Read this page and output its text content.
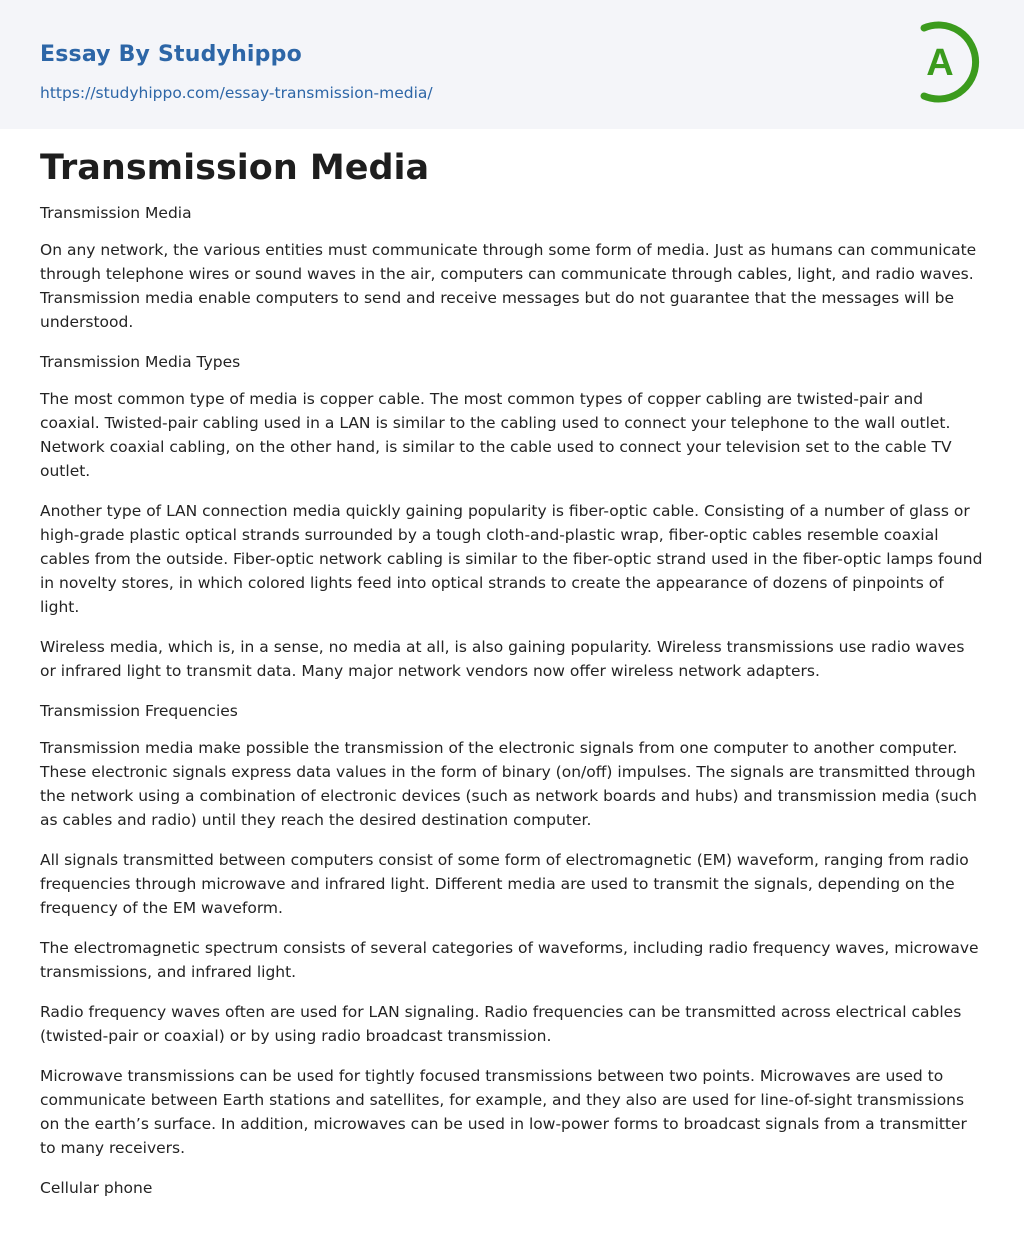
Essay By Studyhippo
https://studyhippo.com/essay-transmission-media/
A
Transmission Media

Transmission Media

On any network, the various entities must communicate through some form of media. Just as humans can communicate through telephone wires or sound waves in the air, computers can communicate through cables, light, and radio waves. Transmission media enable computers to send and receive messages but do not guarantee that the messages will be understood.

Transmission Media Types

The most common type of media is copper cable. The most common types of copper cabling are twisted-pair and coaxial. Twisted-pair cabling used in a LAN is similar to the cabling used to connect your telephone to the wall outlet. Network coaxial cabling, on the other hand, is similar to the cable used to connect your television set to the cable TV outlet.

Another type of LAN connection media quickly gaining popularity is fiber-optic cable. Consisting of a number of glass or high-grade plastic optical strands surrounded by a tough cloth-and-plastic wrap, fiber-optic cables resemble coaxial cables from the outside. Fiber-optic network cabling is similar to the fiber-optic strand used in the fiber-optic lamps found in novelty stores, in which colored lights feed into optical strands to create the appearance of dozens of pinpoints of light.

Wireless media, which is, in a sense, no media at all, is also gaining popularity. Wireless transmissions use radio waves or infrared light to transmit data. Many major network vendors now offer wireless network adapters.

Transmission Frequencies

Transmission media make possible the transmission of the electronic signals from one computer to another computer. These electronic signals express data values in the form of binary (on/off) impulses. The signals are transmitted through the network using a combination of electronic devices (such as network boards and hubs) and transmission media (such as cables and radio) until they reach the desired destination computer.

All signals transmitted between computers consist of some form of electromagnetic (EM) waveform, ranging from radio frequencies through microwave and infrared light. Different media are used to transmit the signals, depending on the frequency of the EM waveform.

The electromagnetic spectrum consists of several categories of waveforms, including radio frequency waves, microwave transmissions, and infrared light.

Radio frequency waves often are used for LAN signaling. Radio frequencies can be transmitted across electrical cables (twisted-pair or coaxial) or by using radio broadcast transmission.

Microwave transmissions can be used for tightly focused transmissions between two points. Microwaves are used to communicate between Earth stations and satellites, for example, and they also are used for line-of-sight transmissions on the earth’s surface. In addition, microwaves can be used in low-power forms to broadcast signals from a transmitter to many receivers.

Cellular phone
